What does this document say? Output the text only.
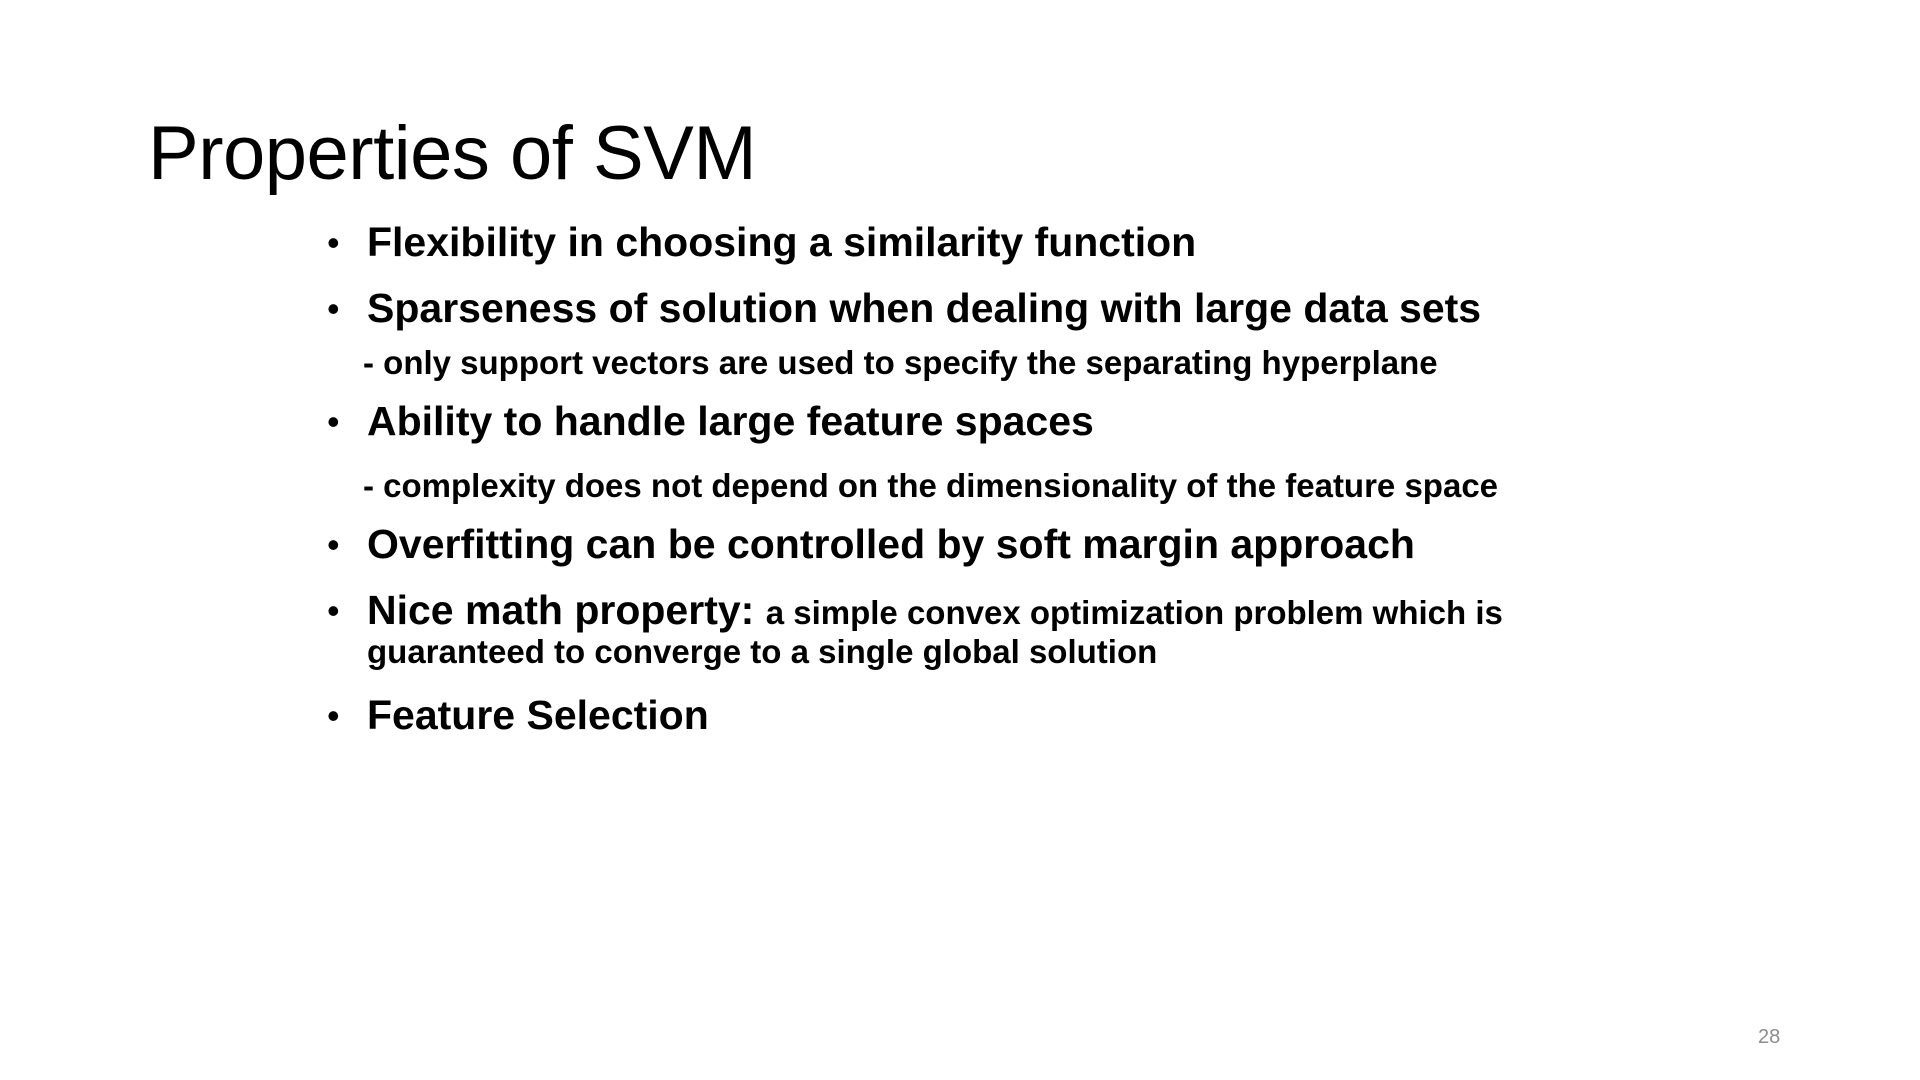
Properties of SVM
• Flexibility in choosing a similarity function
• Sparseness of solution when dealing with large data sets
- only support vectors are used to specify the separating hyperplane
• Ability to handle large feature spaces
- complexity does not depend on the dimensionality of the feature space
• Overfitting can be controlled by soft margin approach
• Nice math property: a simple convex optimization problem which is
guaranteed to converge to a single global solution
• Feature Selection
28
